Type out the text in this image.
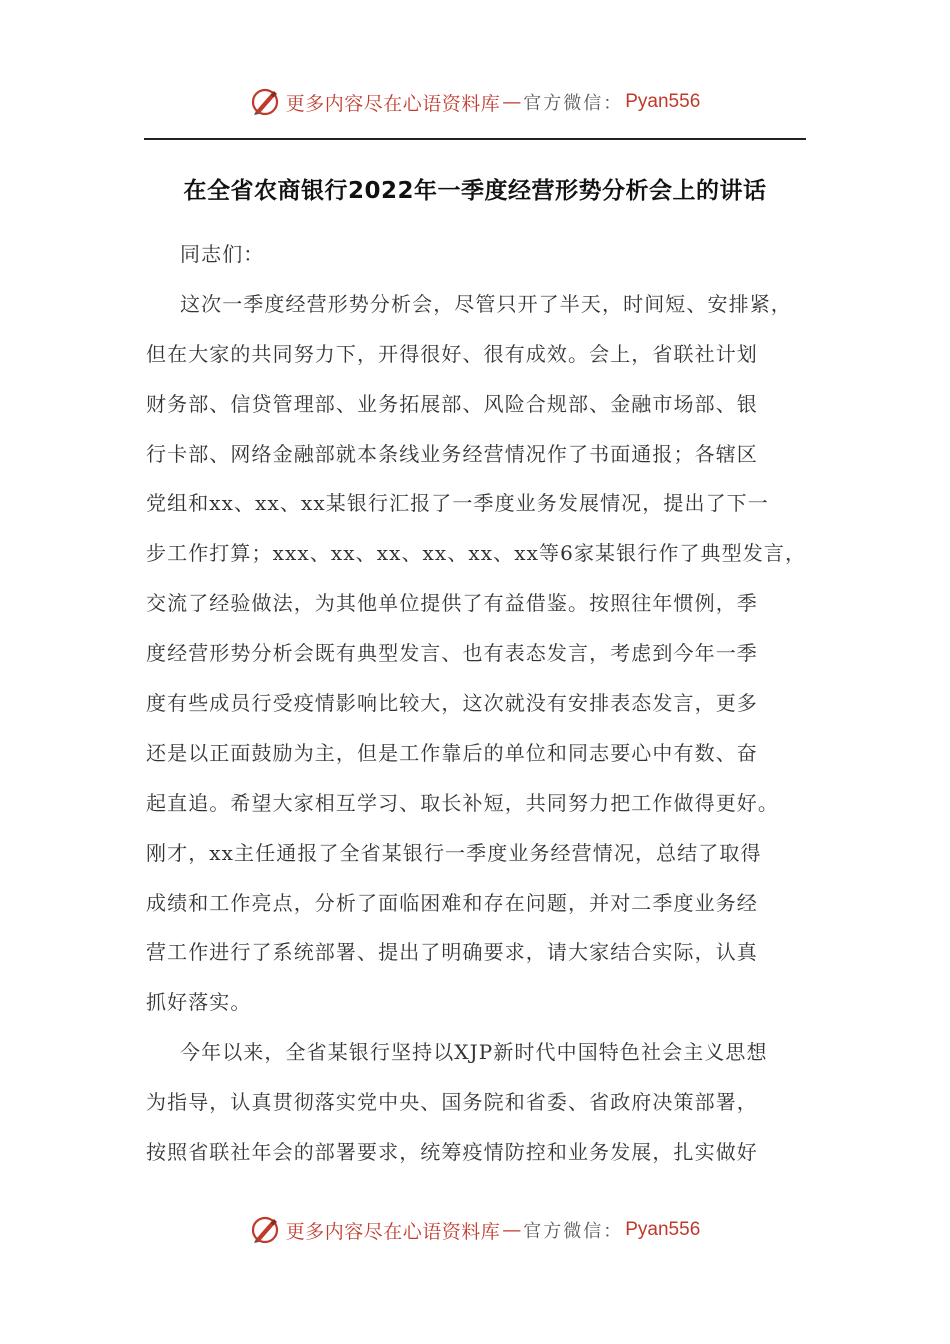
更多内容尽在心语资料库 — 官方微信： Pyan556
在全省农商银行2022年一季度经营形势分析会上的讲话
同志们：
这次一季度经营形势分析会，尽管只开了半天，时间短、安排紧，
但在大家的共同努力下，开得很好、很有成效。会上，省联社计划
财务部、信贷管理部、业务拓展部、风险合规部、金融市场部、银
行卡部、网络金融部就本条线业务经营情况作了书面通报；各辖区
党组和xx、xx、xx某银行汇报了一季度业务发展情况，提出了下一
步工作打算；xxx、xx、xx、xx、xx、xx等6家某银行作了典型发言，
交流了经验做法，为其他单位提供了有益借鉴。按照往年惯例，季
度经营形势分析会既有典型发言、也有表态发言，考虑到今年一季
度有些成员行受疫情影响比较大，这次就没有安排表态发言，更多
还是以正面鼓励为主，但是工作靠后的单位和同志要心中有数、奋
起直追。希望大家相互学习、取长补短，共同努力把工作做得更好。
刚才，xx主任通报了全省某银行一季度业务经营情况，总结了取得
成绩和工作亮点，分析了面临困难和存在问题，并对二季度业务经
营工作进行了系统部署、提出了明确要求，请大家结合实际，认真
抓好落实。
今年以来，全省某银行坚持以XJP新时代中国特色社会主义思想
为指导，认真贯彻落实党中央、国务院和省委、省政府决策部署，
按照省联社年会的部署要求，统筹疫情防控和业务发展，扎实做好
更多内容尽在心语资料库 — 官方微信： Pyan556
